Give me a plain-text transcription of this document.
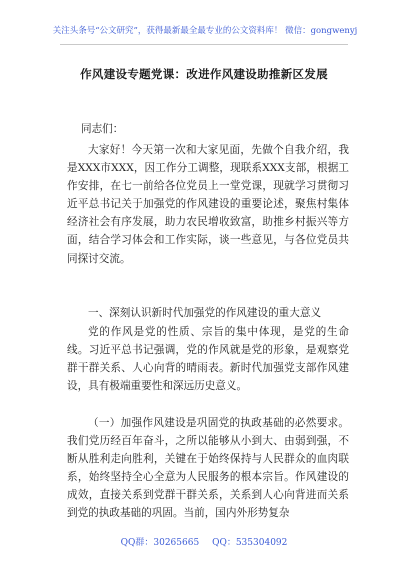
关注头条号“公文研究”，获得最新最全最专业的公文资料库！ 微信：gongwenyj
作风建设专题党课：改进作风建设助推新区发展
同志们：
大家好！今天第一次和大家见面，先做个自我介绍，我是XXX市XXX，因工作分工调整，现联系XXX支部，根据工作安排，在七一前给各位党员上一堂党课，现就学习贯彻习近平总书记关于加强党的作风建设的重要论述，聚焦村集体经济社会有序发展，助力农民增收致富，助推乡村振兴等方面，结合学习体会和工作实际，谈一些意见，与各位党员共同探讨交流。
一、深刻认识新时代加强党的作风建设的重大意义
党的作风是党的性质、宗旨的集中体现，是党的生命线。习近平总书记强调，党的作风就是党的形象，是观察党群干群关系、人心向背的晴雨表。新时代加强党支部作风建设，具有极端重要性和深远历史意义。
（一）加强作风建设是巩固党的执政基础的必然要求。我们党历经百年奋斗，之所以能够从小到大、由弱到强，不断从胜利走向胜利，关键在于始终保持与人民群众的血肉联系，始终坚持全心全意为人民服务的根本宗旨。作风建设的成效，直接关系到党群干群关系，关系到人心向背进而关系到党的执政基础的巩固。当前，国内外形势复杂
QQ群：30265665 QQ：535304092
